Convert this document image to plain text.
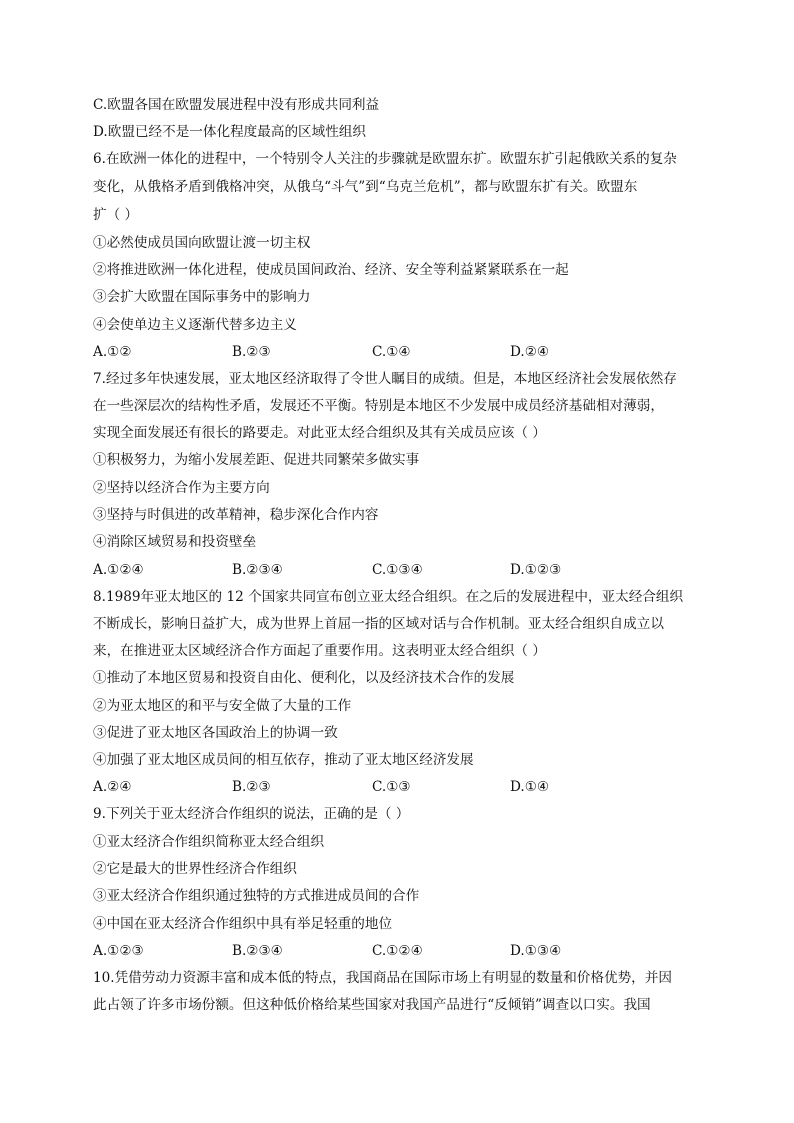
C.欧盟各国在欧盟发展进程中没有形成共同利益
D.欧盟已经不是一体化程度最高的区域性组织
6.在欧洲一体化的进程中，一个特别令人关注的步骤就是欧盟东扩。欧盟东扩引起俄欧关系的复杂
变化，从俄格矛盾到俄格冲突，从俄乌“斗气”到“乌克兰危机”，都与欧盟东扩有关。欧盟东
扩（ ）
①必然使成员国向欧盟让渡一切主权
②将推进欧洲一体化进程，使成员国间政治、经济、安全等利益紧紧联系在一起
③会扩大欧盟在国际事务中的影响力
④会使单边主义逐渐代替多边主义
A.①②	B.②③	C.①④	D.②④
7.经过多年快速发展，亚太地区经济取得了令世人瞩目的成绩。但是，本地区经济社会发展依然存
在一些深层次的结构性矛盾，发展还不平衡。特别是本地区不少发展中成员经济基础相对薄弱，
实现全面发展还有很长的路要走。对此亚太经合组织及其有关成员应该（ ）
①积极努力，为缩小发展差距、促进共同繁荣多做实事
②坚持以经济合作为主要方向
③坚持与时俱进的改革精神，稳步深化合作内容
④消除区域贸易和投资壁垒
A.①②④	B.②③④	C.①③④	D.①②③
8.1989年亚太地区的 12 个国家共同宣布创立亚太经合组织。在之后的发展进程中，亚太经合组织
不断成长，影响日益扩大，成为世界上首屈一指的区域对话与合作机制。亚太经合组织自成立以
来，在推进亚太区域经济合作方面起了重要作用。这表明亚太经合组织（ ）
①推动了本地区贸易和投资自由化、便利化，以及经济技术合作的发展
②为亚太地区的和平与安全做了大量的工作
③促进了亚太地区各国政治上的协调一致
④加强了亚太地区成员间的相互依存，推动了亚太地区经济发展
A.②④	B.②③	C.①③	D.①④
9.下列关于亚太经济合作组织的说法，正确的是（ ）
①亚太经济合作组织简称亚太经合组织
②它是最大的世界性经济合作组织
③亚太经济合作组织通过独特的方式推进成员间的合作
④中国在亚太经济合作组织中具有举足轻重的地位
A.①②③	B.②③④	C.①②④	D.①③④
10.凭借劳动力资源丰富和成本低的特点，我国商品在国际市场上有明显的数量和价格优势，并因
此占领了许多市场份额。但这种低价格给某些国家对我国产品进行“反倾销”调查以口实。我国
